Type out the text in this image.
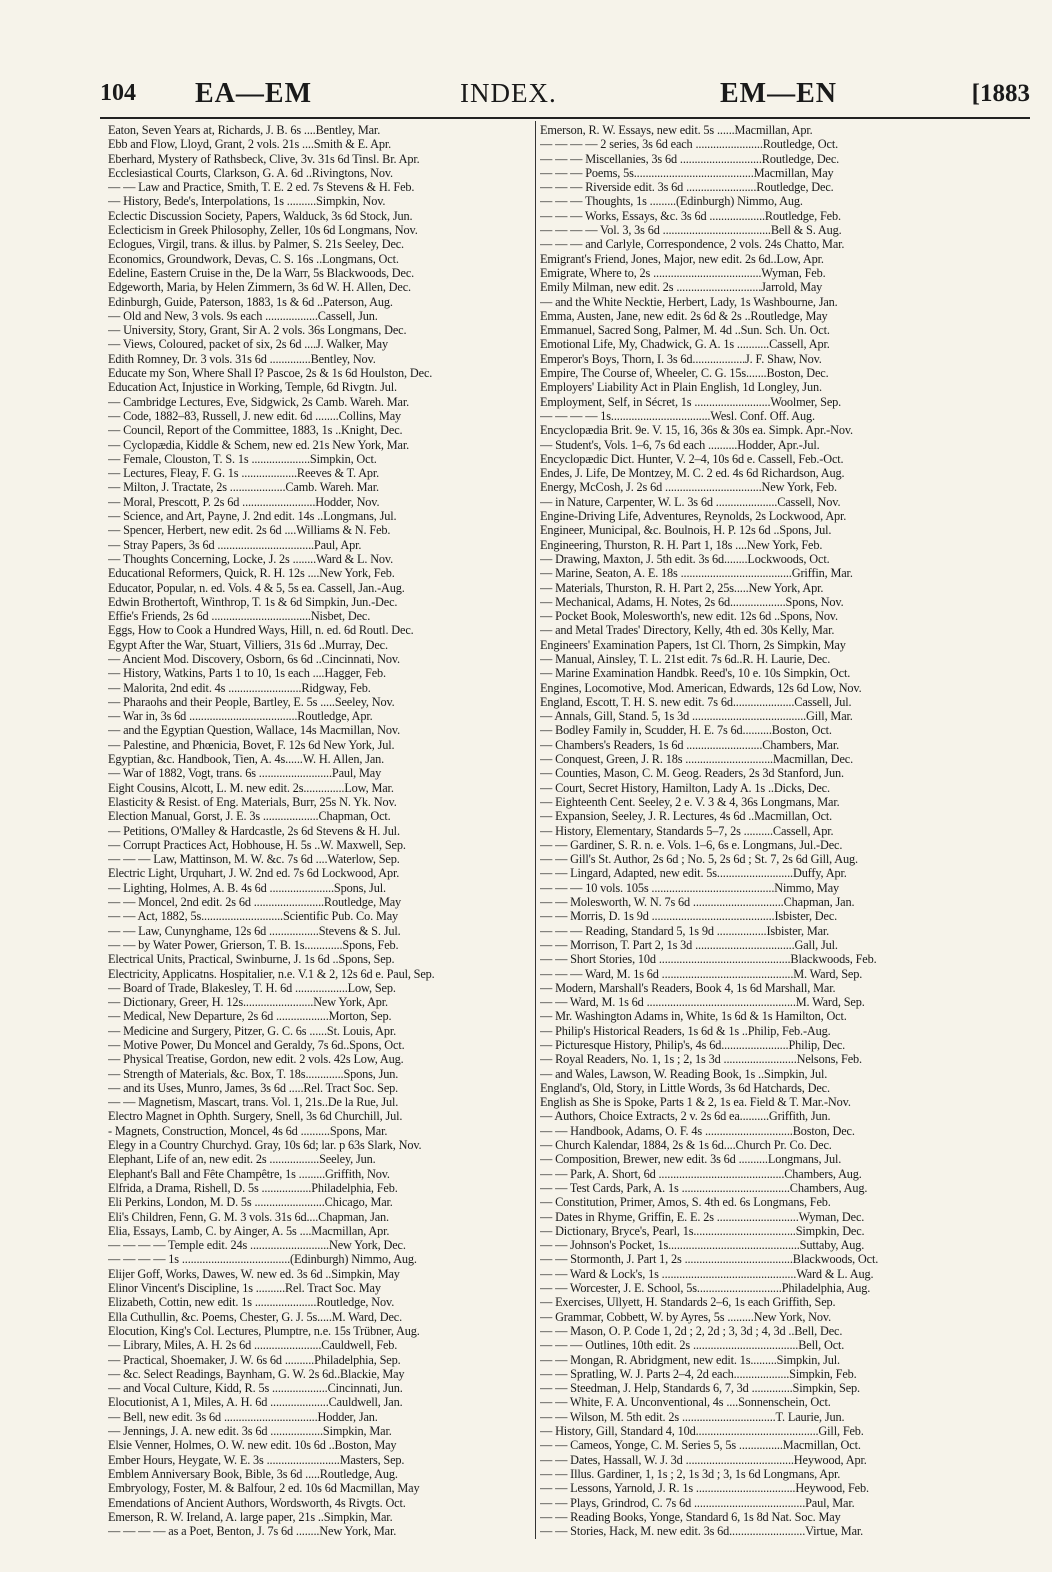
104 EA—EM	INDEX.	EM—EN	[1883
Eaton, Seven Years at, Richards, J. B. 6s ....Bentley, Mar.
Ebb and Flow, Lloyd, Grant, 2 vols. 21s ....Smith & E. Apr.
Eberhard, Mystery of Rathsbeck, Clive, 3v. 31s 6d Tinsl. Br. Apr.
Ecclesiastical Courts, Clarkson, G. A. 6d ..Rivingtons, Nov.
— — Law and Practice, Smith, T. E. 2 ed. 7s Stevens & H. Feb.
— History, Bede's, Interpolations, 1s ..........Simpkin, Nov.
Eclectic Discussion Society, Papers, Walduck, 3s 6d Stock, Jun.
Eclecticism in Greek Philosophy, Zeller, 10s 6d Longmans, Nov.
Eclogues, Virgil, trans. & illus. by Palmer, S. 21s Seeley, Dec.
Economics, Groundwork, Devas, C. S. 16s ..Longmans, Oct.
Edeline, Eastern Cruise in the, De la Warr, 5s Blackwoods, Dec.
Edgeworth, Maria, by Helen Zimmern, 3s 6d W. H. Allen, Dec.
Edinburgh, Guide, Paterson, 1883, 1s & 6d ..Paterson, Aug.
— Old and New, 3 vols. 9s each ..................Cassell, Jun.
— University, Story, Grant, Sir A. 2 vols. 36s Longmans, Dec.
— Views, Coloured, packet of six, 2s 6d ....J. Walker, May
Edith Romney, Dr. 3 vols. 31s 6d ..............Bentley, Nov.
Educate my Son, Where Shall I? Pascoe, 2s & 1s 6d Houlston, Dec.
Education Act, Injustice in Working, Temple, 6d Rivgtn. Jul.
— Cambridge Lectures, Eve, Sidgwick, 2s Camb. Wareh. Mar.
— Code, 1882–83, Russell, J. new edit. 6d ........Collins, May
— Council, Report of the Committee, 1883, 1s ..Knight, Dec.
— Cyclopædia, Kiddle & Schem, new ed. 21s New York, Mar.
— Female, Clouston, T. S. 1s ....................Simpkin, Oct.
— Lectures, Fleay, F. G. 1s ...................Reeves & T. Apr.
— Milton, J. Tractate, 2s ...................Camb. Wareh. Mar.
— Moral, Prescott, P. 2s 6d .........................Hodder, Nov.
— Science, and Art, Payne, J. 2nd edit. 14s ..Longmans, Jul.
— Spencer, Herbert, new edit. 2s 6d ....Williams & N. Feb.
— Stray Papers, 3s 6d .................................Paul, Apr.
— Thoughts Concerning, Locke, J. 2s ........Ward & L. Nov.
Educational Reformers, Quick, R. H. 12s ....New York, Feb.
Educator, Popular, n. ed. Vols. 4 & 5, 5s ea. Cassell, Jan.-Aug.
Edwin Brothertoft, Winthrop, T. 1s & 6d Simpkin, Jun.-Dec.
Effie's Friends, 2s 6d ..................................Nisbet, Dec.
Eggs, How to Cook a Hundred Ways, Hill, n. ed. 6d Routl. Dec.
Egypt After the War, Stuart, Villiers, 31s 6d ..Murray, Dec.
— Ancient Mod. Discovery, Osborn, 6s 6d ..Cincinnati, Nov.
— History, Watkins, Parts 1 to 10, 1s each ....Hagger, Feb.
— Malorita, 2nd edit. 4s .........................Ridgway, Feb.
— Pharaohs and their People, Bartley, E. 5s .....Seeley, Nov.
— War in, 3s 6d .....................................Routledge, Apr.
— and the Egyptian Question, Wallace, 14s Macmillan, Nov.
— Palestine, and Phœnicia, Bovet, F. 12s 6d New York, Jul.
Egyptian, &c. Handbook, Tien, A. 4s......W. H. Allen, Jan.
— War of 1882, Vogt, trans. 6s .........................Paul, May
Eight Cousins, Alcott, L. M. new edit. 2s..............Low, Mar.
Elasticity & Resist. of Eng. Materials, Burr, 25s N. Yk. Nov.
Election Manual, Gorst, J. E. 3s ...................Chapman, Oct.
— Petitions, O'Malley & Hardcastle, 2s 6d Stevens & H. Jul.
— Corrupt Practices Act, Hobhouse, H. 5s ..W. Maxwell, Sep.
— — — Law, Mattinson, M. W. &c. 7s 6d ....Waterlow, Sep.
Electric Light, Urquhart, J. W. 2nd ed. 7s 6d Lockwood, Apr.
— Lighting, Holmes, A. B. 4s 6d ......................Spons, Jul.
— — Moncel, 2nd edit. 2s 6d ........................Routledge, May
— — Act, 1882, 5s............................Scientific Pub. Co. May
— — Law, Cunynghame, 12s 6d .................Stevens & S. Jul.
— — by Water Power, Grierson, T. B. 1s.............Spons, Feb.
Electrical Units, Practical, Swinburne, J. 1s 6d ..Spons, Sep.
Electricity, Applicatns. Hospitalier, n.e. V.1 & 2, 12s 6d e. Paul, Sep.
— Board of Trade, Blakesley, T. H. 6d ..................Low, Sep.
— Dictionary, Greer, H. 12s........................New York, Apr.
— Medical, New Departure, 2s 6d ..................Morton, Sep.
— Medicine and Surgery, Pitzer, G. C. 6s ......St. Louis, Apr.
— Motive Power, Du Moncel and Geraldy, 7s 6d..Spons, Oct.
— Physical Treatise, Gordon, new edit. 2 vols. 42s Low, Aug.
— Strength of Materials, &c. Box, T. 18s.............Spons, Jun.
— and its Uses, Munro, James, 3s 6d .....Rel. Tract Soc. Sep.
— — Magnetism, Mascart, trans. Vol. 1, 21s..De la Rue, Jul.
Electro Magnet in Ophth. Surgery, Snell, 3s 6d Churchill, Jul.
- Magnets, Construction, Moncel, 4s 6d ..........Spons, Mar.
Elegy in a Country Churchyd. Gray, 10s 6d; lar. p 63s Slark, Nov.
Elephant, Life of an, new edit. 2s .................Seeley, Jun.
Elephant's Ball and Fête Champêtre, 1s .........Griffith, Nov.
Elfrida, a Drama, Rishell, D. 5s .................Philadelphia, Feb.
Eli Perkins, London, M. D. 5s ........................Chicago, Mar.
Eli's Children, Fenn, G. M. 3 vols. 31s 6d....Chapman, Jan.
Elia, Essays, Lamb, C. by Ainger, A. 5s ....Macmillan, Apr.
— — — — Temple edit. 24s ...........................New York, Dec.
— — — — 1s .....................................(Edinburgh) Nimmo, Aug.
Elijer Goff, Works, Dawes, W. new ed. 3s 6d ..Simpkin, May
Elinor Vincent's Discipline, 1s ..........Rel. Tract Soc. May
Elizabeth, Cottin, new edit. 1s .....................Routledge, Nov.
Ella Cuthullin, &c. Poems, Chester, G. J. 5s.....M. Ward, Dec.
Elocution, King's Col. Lectures, Plumptre, n.e. 15s Trübner, Aug.
— Library, Miles, A. H. 2s 6d .......................Cauldwell, Feb.
— Practical, Shoemaker, J. W. 6s 6d ..........Philadelphia, Sep.
— &c. Select Readings, Baynham, G. W. 2s 6d..Blackie, May
— and Vocal Culture, Kidd, R. 5s ...................Cincinnati, Jun.
Elocutionist, A 1, Miles, A. H. 6d ....................Cauldwell, Jan.
— Bell, new edit. 3s 6d ................................Hodder, Jan.
— Jennings, J. A. new edit. 3s 6d ..................Simpkin, Mar.
Elsie Venner, Holmes, O. W. new edit. 10s 6d ..Boston, May
Ember Hours, Heygate, W. E. 3s .........................Masters, Sep.
Emblem Anniversary Book, Bible, 3s 6d .....Routledge, Aug.
Embryology, Foster, M. & Balfour, 2 ed. 10s 6d Macmillan, May
Emendations of Ancient Authors, Wordsworth, 4s Rivgts. Oct.
Emerson, R. W. Ireland, A. large paper, 21s ..Simpkin, Mar.
— — — — as a Poet, Benton, J. 7s 6d ........New York, Mar.
Emerson, R. W. Essays, new edit. 5s ......Macmillan, Apr.
— — — — 2 series, 3s 6d each .......................Routledge, Oct.
— — — Miscellanies, 3s 6d ............................Routledge, Dec.
— — — Poems, 5s.........................................Macmillan, May
— — — Riverside edit. 3s 6d ........................Routledge, Dec.
— — — Thoughts, 1s .........(Edinburgh) Nimmo, Aug.
— — — Works, Essays, &c. 3s 6d ...................Routledge, Feb.
— — — — Vol. 3, 3s 6d .....................................Bell & S. Aug.
— — — and Carlyle, Correspondence, 2 vols. 24s Chatto, Mar.
Emigrant's Friend, Jones, Major, new edit. 2s 6d..Low, Apr.
Emigrate, Where to, 2s .....................................Wyman, Feb.
Emily Milman, new edit. 2s .............................Jarrold, May
— and the White Necktie, Herbert, Lady, 1s Washbourne, Jan.
Emma, Austen, Jane, new edit. 2s 6d & 2s ..Routledge, May
Emmanuel, Sacred Song, Palmer, M. 4d ..Sun. Sch. Un. Oct.
Emotional Life, My, Chadwick, G. A. 1s ...........Cassell, Apr.
Emperor's Boys, Thorn, I. 3s 6d..................J. F. Shaw, Nov.
Empire, The Course of, Wheeler, C. G. 15s.......Boston, Dec.
Employers' Liability Act in Plain English, 1d Longley, Jun.
Employment, Self, in Sécret, 1s ..........................Woolmer, Sep.
— — — — 1s..................................Wesl. Conf. Off. Aug.
Encyclopædia Brit. 9e. V. 15, 16, 36s & 30s ea. Simpk. Apr.-Nov.
— Student's, Vols. 1–6, 7s 6d each ..........Hodder, Apr.-Jul.
Encyclopædic Dict. Hunter, V. 2–4, 10s 6d e. Cassell, Feb.-Oct.
Endes, J. Life, De Montzey, M. C. 2 ed. 4s 6d Richardson, Aug.
Energy, McCosh, J. 2s 6d .................................New York, Feb.
— in Nature, Carpenter, W. L. 3s 6d .....................Cassell, Nov.
Engine-Driving Life, Adventures, Reynolds, 2s Lockwood, Apr.
Engineer, Municipal, &c. Boulnois, H. P. 12s 6d ..Spons, Jul.
Engineering, Thurston, R. H. Part 1, 18s ....New York, Feb.
— Drawing, Maxton, J. 5th edit. 3s 6d........Lockwoods, Oct.
— Marine, Seaton, A. E. 18s ......................................Griffin, Mar.
— Materials, Thurston, R. H. Part 2, 25s.....New York, Apr.
— Mechanical, Adams, H. Notes, 2s 6d...................Spons, Nov.
— Pocket Book, Molesworth's, new edit. 12s 6d ..Spons, Nov.
— and Metal Trades' Directory, Kelly, 4th ed. 30s Kelly, Mar.
Engineers' Examination Papers, 1st Cl. Thorn, 2s Simpkin, May
— Manual, Ainsley, T. L. 21st edit. 7s 6d..R. H. Laurie, Dec.
— Marine Examination Handbk. Reed's, 10 e. 10s Simpkin, Oct.
Engines, Locomotive, Mod. American, Edwards, 12s 6d Low, Nov.
England, Escott, T. H. S. new edit. 7s 6d.....................Cassell, Jul.
— Annals, Gill, Stand. 5, 1s 3d .......................................Gill, Mar.
— Bodley Family in, Scudder, H. E. 7s 6d..........Boston, Oct.
— Chambers's Readers, 1s 6d ..........................Chambers, Mar.
— Conquest, Green, J. R. 18s ..............................Macmillan, Dec.
— Counties, Mason, C. M. Geog. Readers, 2s 3d Stanford, Jun.
— Court, Secret History, Hamilton, Lady A. 1s ..Dicks, Dec.
— Eighteenth Cent. Seeley, 2 e. V. 3 & 4, 36s Longmans, Mar.
— Expansion, Seeley, J. R. Lectures, 4s 6d ..Macmillan, Oct.
— History, Elementary, Standards 5–7, 2s ..........Cassell, Apr.
— — Gardiner, S. R. n. e. Vols. 1–6, 6s e. Longmans, Jul.-Dec.
— — Gill's St. Author, 2s 6d ; No. 5, 2s 6d ; St. 7, 2s 6d Gill, Aug.
— — Lingard, Adapted, new edit. 5s..........................Duffy, Apr.
— — — 10 vols. 105s ..........................................Nimmo, May
— — Molesworth, W. N. 7s 6d ...............................Chapman, Jan.
— — Morris, D. 1s 9d ..........................................Isbister, Dec.
— — — Reading, Standard 5, 1s 9d .................Isbister, Mar.
— — Morrison, T. Part 2, 1s 3d ..................................Gall, Jul.
— — Short Stories, 10d .............................................Blackwoods, Feb.
— — — Ward, M. 1s 6d .............................................M. Ward, Sep.
— Modern, Marshall's Readers, Book 4, 1s 6d Marshall, Mar.
— — Ward, M. 1s 6d ...................................................M. Ward, Sep.
— Mr. Washington Adams in, White, 1s 6d & 1s Hamilton, Oct.
— Philip's Historical Readers, 1s 6d & 1s ..Philip, Feb.-Aug.
— Picturesque History, Philip's, 4s 6d.......................Philip, Dec.
— Royal Readers, No. 1, 1s ; 2, 1s 3d .........................Nelsons, Feb.
— and Wales, Lawson, W. Reading Book, 1s ..Simpkin, Jul.
England's, Old, Story, in Little Words, 3s 6d Hatchards, Dec.
English as She is Spoke, Parts 1 & 2, 1s ea. Field & T. Mar.-Nov.
— Authors, Choice Extracts, 2 v. 2s 6d ea..........Griffith, Jun.
— — Handbook, Adams, O. F. 4s ..............................Boston, Dec.
— Church Kalendar, 1884, 2s & 1s 6d....Church Pr. Co. Dec.
— Composition, Brewer, new edit. 3s 6d ..........Longmans, Jul.
— — Park, A. Short, 6d ...........................................Chambers, Aug.
— — Test Cards, Park, A. 1s .....................................Chambers, Aug.
— Constitution, Primer, Amos, S. 4th ed. 6s Longmans, Feb.
— Dates in Rhyme, Griffin, E. E. 2s ............................Wyman, Dec.
— Dictionary, Bryce's, Pearl, 1s...................................Simpkin, Dec.
— — Johnson's Pocket, 1s.............................................Suttaby, Aug.
— — Stormonth, J. Part 1, 2s .....................................Blackwoods, Oct.
— — Ward & Lock's, 1s ..............................................Ward & L. Aug.
— — Worcester, J. E. School, 5s.............................Philadelphia, Aug.
— Exercises, Ullyett, H. Standards 2–6, 1s each Griffith, Sep.
— Grammar, Cobbett, W. by Ayres, 5s .........New York, Nov.
— — Mason, O. P. Code 1, 2d ; 2, 2d ; 3, 3d ; 4, 3d ..Bell, Dec.
— — — Outlines, 10th edit. 2s ....................................Bell, Oct.
— — Mongan, R. Abridgment, new edit. 1s.........Simpkin, Jul.
— — Spratling, W. J. Parts 2–4, 2d each...................Simpkin, Feb.
— — Steedman, J. Help, Standards 6, 7, 3d ..............Simpkin, Sep.
— — White, F. A. Unconventional, 4s ....Sonnenschein, Oct.
— — Wilson, M. 5th edit. 2s ................................T. Laurie, Jun.
— History, Gill, Standard 4, 10d..........................................Gill, Feb.
— — Cameos, Yonge, C. M. Series 5, 5s ...............Macmillan, Oct.
— — Dates, Hassall, W. J. 3d .....................................Heywood, Apr.
— — Illus. Gardiner, 1, 1s ; 2, 1s 3d ; 3, 1s 6d Longmans, Apr.
— — Lessons, Yarnold, J. R. 1s ..................................Heywood, Feb.
— — Plays, Grindrod, C. 7s 6d ......................................Paul, Mar.
— — Reading Books, Yonge, Standard 6, 1s 8d Nat. Soc. May
— — Stories, Hack, M. new edit. 3s 6d..........................Virtue, Mar.
